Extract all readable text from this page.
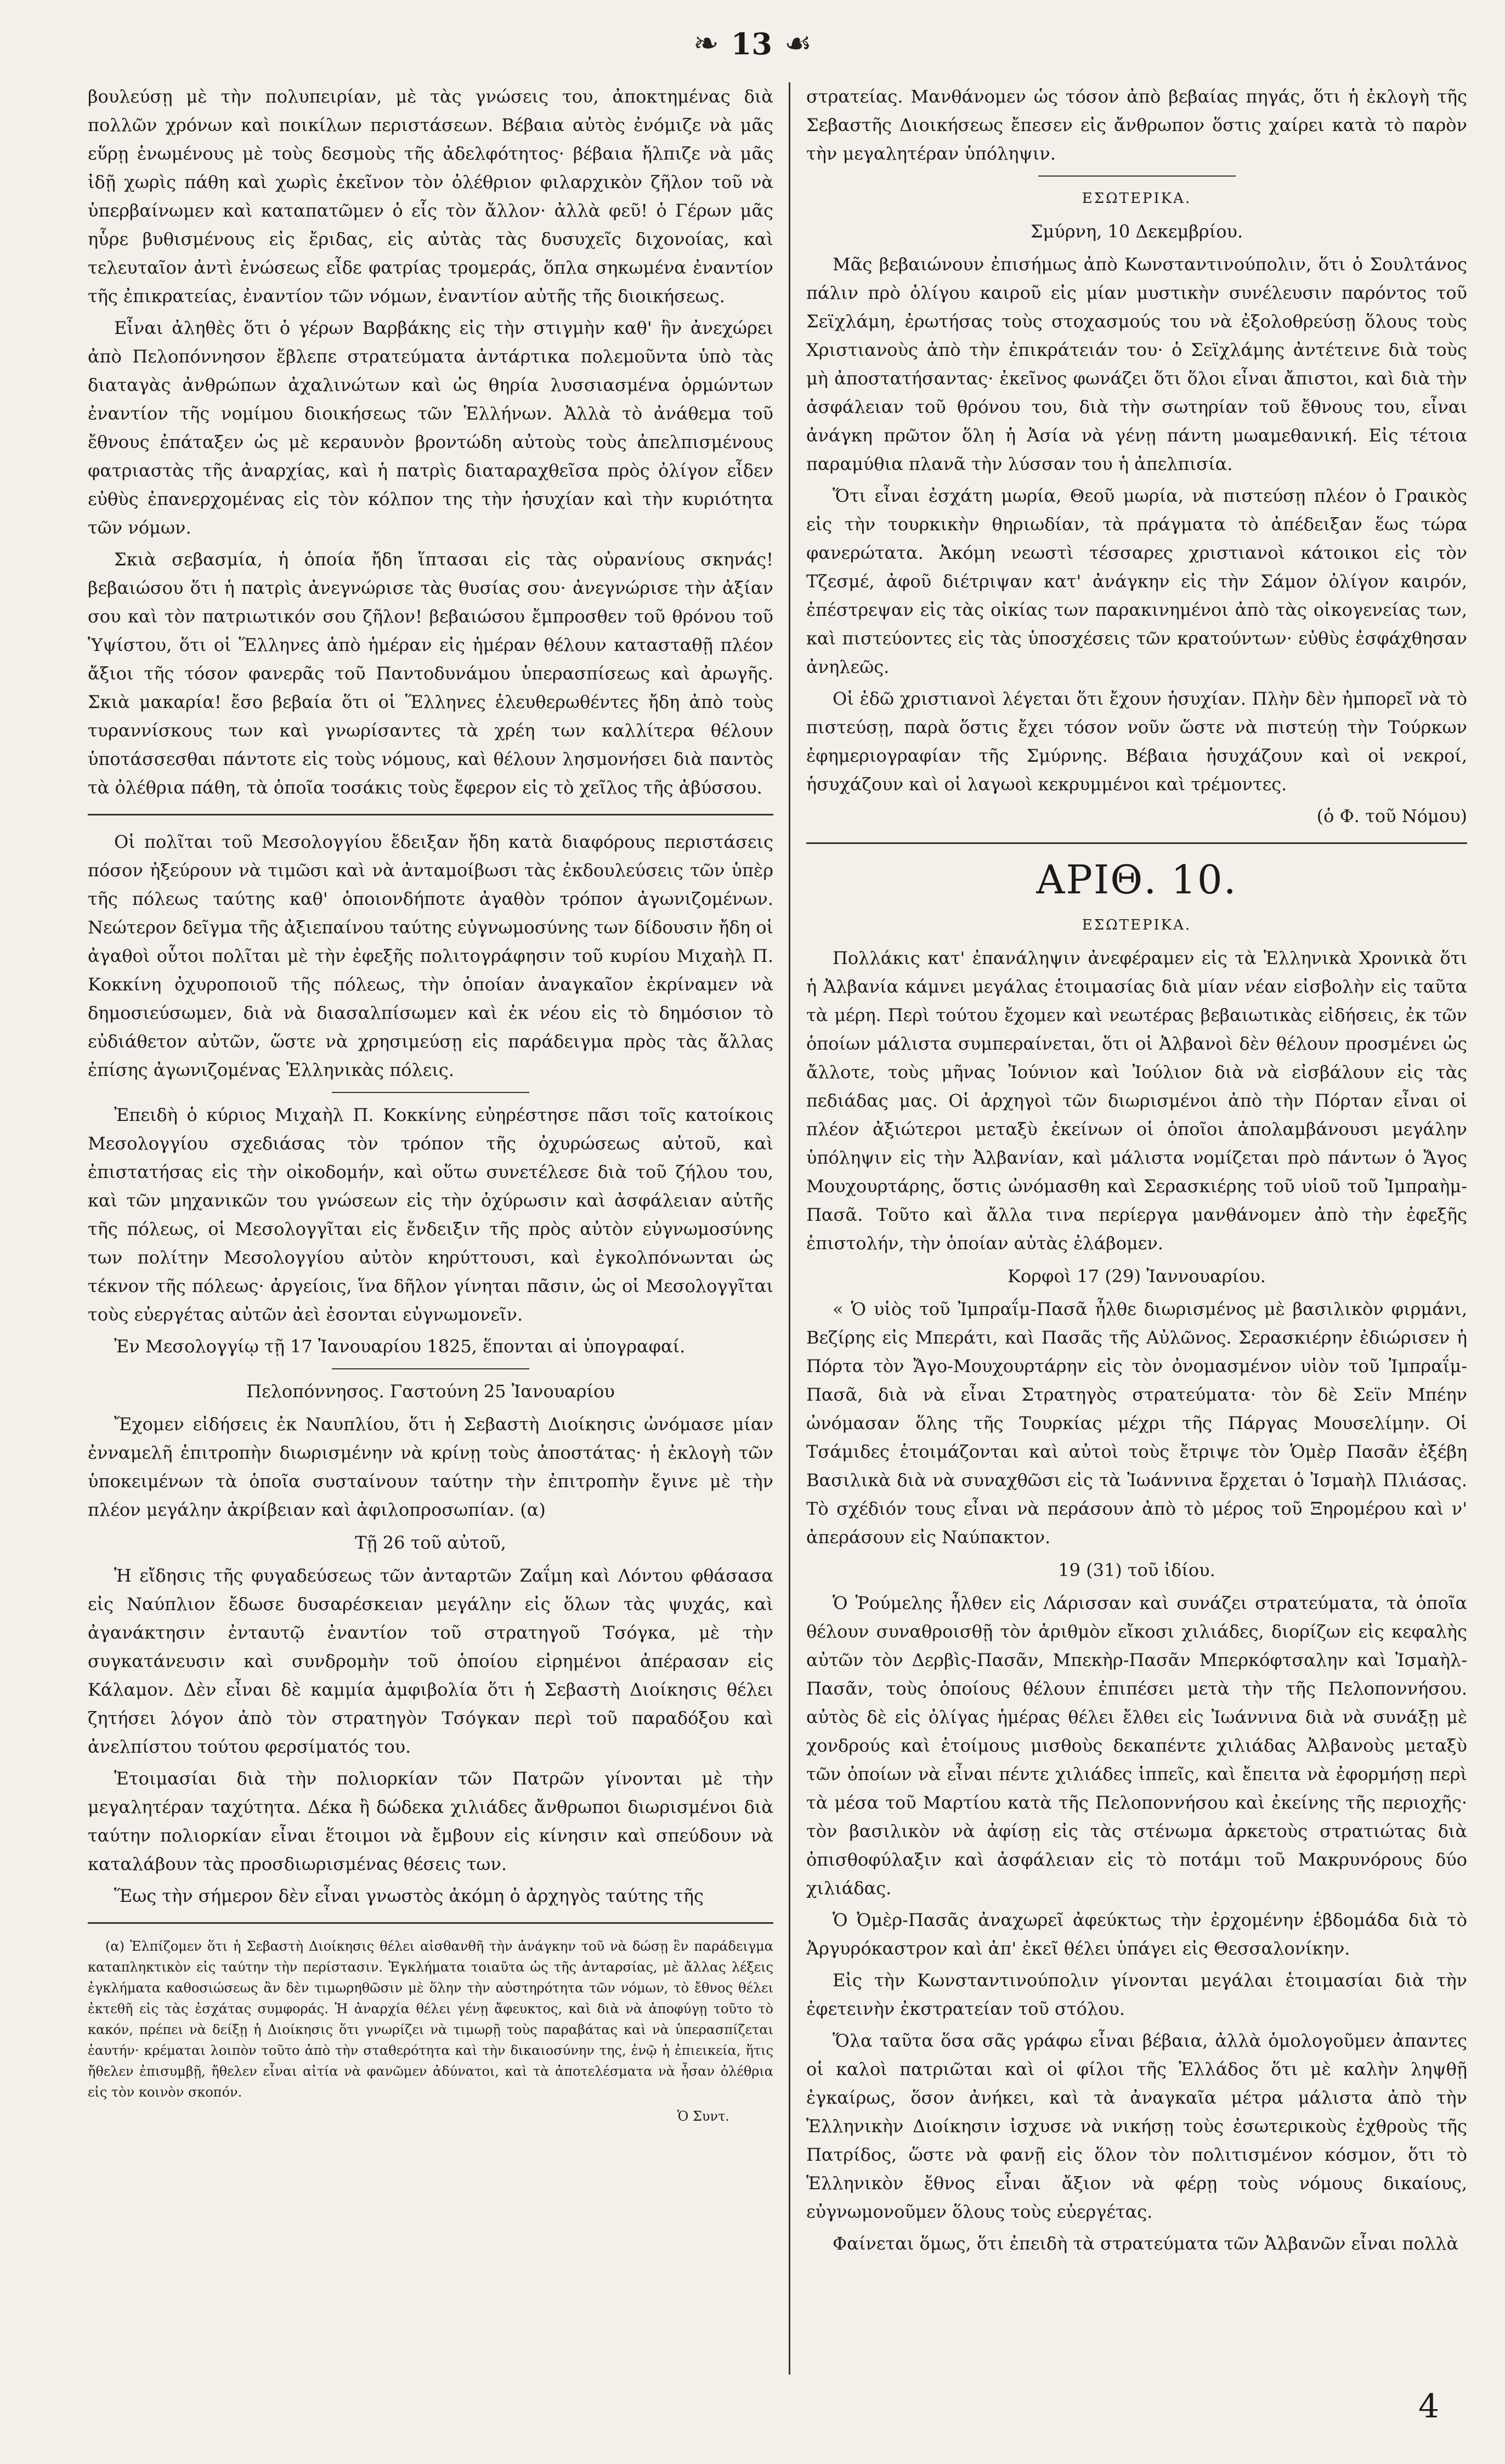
❧ 13 ☙

βουλεύσῃ μὲ τὴν πολυπειρίαν, μὲ τὰς γνώσεις του, ἀποκτημένας διὰ πολλῶν χρόνων καὶ ποικίλων περιστάσεων. Βέβαια αὐτὸς ἐνόμιζε νὰ μᾶς εὕρῃ ἑνωμένους μὲ τοὺς δεσμοὺς τῆς ἀδελφότητος· βέβαια ἤλπιζε νὰ μᾶς ἰδῇ χωρὶς πάθη καὶ χωρὶς ἐκεῖνον τὸν ὀλέθριον φιλαρχικὸν ζῆλον τοῦ νὰ ὑπερβαίνωμεν καὶ καταπατῶμεν ὁ εἷς τὸν ἄλλον· ἀλλὰ φεῦ! ὁ Γέρων μᾶς ηὗρε βυθισμένους εἰς ἔριδας, εἰς αὐτὰς τὰς δυσυχεῖς διχονοίας, καὶ τελευταῖον ἀντὶ ἑνώσεως εἶδε φατρίας τρομεράς, ὅπλα σηκωμένα ἐναντίον τῆς ἐπικρατείας, ἐναντίον τῶν νόμων, ἐναντίον αὐτῆς τῆς διοικήσεως.

Εἶναι ἀληθὲς ὅτι ὁ γέρων Βαρβάκης εἰς τὴν στιγμὴν καθ' ἣν ἀνεχώρει ἀπὸ Πελοπόννησον ἔβλεπε στρατεύματα ἀντάρτικα πολεμοῦντα ὑπὸ τὰς διαταγὰς ἀνθρώπων ἀχαλινώτων καὶ ὡς θηρία λυσσιασμένα ὁρμώντων ἐναντίον τῆς νομίμου διοικήσεως τῶν Ἑλλήνων. Ἀλλὰ τὸ ἀνάθεμα τοῦ ἔθνους ἐπάταξεν ὡς μὲ κεραυνὸν βροντώδη αὐτοὺς τοὺς ἀπελπισμένους φατριαστὰς τῆς ἀναρχίας, καὶ ἡ πατρὶς διαταραχθεῖσα πρὸς ὀλίγον εἶδεν εὐθὺς ἐπανερχομένας εἰς τὸν κόλπον της τὴν ἡσυχίαν καὶ τὴν κυριότητα τῶν νόμων.

Σκιὰ σεβασμία, ἡ ὁποία ἤδη ἵπτασαι εἰς τὰς οὐρανίους σκηνάς! βεβαιώσου ὅτι ἡ πατρὶς ἀνεγνώρισε τὰς θυσίας σου· ἀνεγνώρισε τὴν ἀξίαν σου καὶ τὸν πατριωτικόν σου ζῆλον! βεβαιώσου ἔμπροσθεν τοῦ θρόνου τοῦ Ὑψίστου, ὅτι οἱ Ἕλληνες ἀπὸ ἡμέραν εἰς ἡμέραν θέλουν κατασταθῇ πλέον ἄξιοι τῆς τόσον φανερᾶς τοῦ Παντοδυνάμου ὑπερασπίσεως καὶ ἀρωγῆς. Σκιὰ μακαρία! ἔσο βεβαία ὅτι οἱ Ἕλληνες ἐλευθερωθέντες ἤδη ἀπὸ τοὺς τυραννίσκους των καὶ γνωρίσαντες τὰ χρέη των καλλίτερα θέλουν ὑποτάσσεσθαι πάντοτε εἰς τοὺς νόμους, καὶ θέλουν λησμονήσει διὰ παντὸς τὰ ὀλέθρια πάθη, τὰ ὁποῖα τοσάκις τοὺς ἔφερον εἰς τὸ χεῖλος τῆς ἀβύσσου.

Οἱ πολῖται τοῦ Μεσολογγίου ἔδειξαν ἤδη κατὰ διαφόρους περιστάσεις πόσον ἠξεύρουν νὰ τιμῶσι καὶ νὰ ἀνταμοίβωσι τὰς ἐκδουλεύσεις τῶν ὑπὲρ τῆς πόλεως ταύτης καθ' ὁποιονδήποτε ἀγαθὸν τρόπον ἀγωνιζομένων. Νεώτερον δεῖγμα τῆς ἀξιεπαίνου ταύτης εὐγνωμοσύνης των δίδουσιν ἤδη οἱ ἀγαθοὶ οὗτοι πολῖται μὲ τὴν ἐφεξῆς πολιτογράφησιν τοῦ κυρίου Μιχαὴλ Π. Κοκκίνη ὀχυροποιοῦ τῆς πόλεως, τὴν ὁποίαν ἀναγκαῖον ἐκρίναμεν νὰ δημοσιεύσωμεν, διὰ νὰ διασαλπίσωμεν καὶ ἐκ νέου εἰς τὸ δημόσιον τὸ εὐδιάθετον αὐτῶν, ὥστε νὰ χρησιμεύσῃ εἰς παράδειγμα πρὸς τὰς ἄλλας ἐπίσης ἀγωνιζομένας Ἑλληνικὰς πόλεις.

Ἐπειδὴ ὁ κύριος Μιχαὴλ Π. Κοκκίνης εὐηρέστησε πᾶσι τοῖς κατοίκοις Μεσολογγίου σχεδιάσας τὸν τρόπον τῆς ὀχυρώσεως αὐτοῦ, καὶ ἐπιστατήσας εἰς τὴν οἰκοδομήν, καὶ οὕτω συνετέλεσε διὰ τοῦ ζήλου του, καὶ τῶν μηχανικῶν του γνώσεων εἰς τὴν ὀχύρωσιν καὶ ἀσφάλειαν αὐτῆς τῆς πόλεως, οἱ Μεσολογγῖται εἰς ἔνδειξιν τῆς πρὸς αὐτὸν εὐγνωμοσύνης των πολίτην Μεσολογγίου αὐτὸν κηρύττουσι, καὶ ἐγκολπόνωνται ὡς τέκνον τῆς πόλεως· ἀργείοις, ἵνα δῆλον γίνηται πᾶσιν, ὡς οἱ Μεσολογγῖται τοὺς εὐεργέτας αὐτῶν ἀεὶ ἐσονται εὐγνωμονεῖν.

Ἐν Μεσολογγίῳ τῇ 17 Ἰανουαρίου 1825, ἕπονται αἱ ὑπογραφαί.

Πελοπόννησος. Γαστούνη 25 Ἰανουαρίου

Ἔχομεν εἰδήσεις ἐκ Ναυπλίου, ὅτι ἡ Σεβαστὴ Διοίκησις ὠνόμασε μίαν ἐνναμελῆ ἐπιτροπὴν διωρισμένην νὰ κρίνῃ τοὺς ἀποστάτας· ἡ ἐκλογὴ τῶν ὑποκειμένων τὰ ὁποῖα συσταίνουν ταύτην τὴν ἐπιτροπὴν ἔγινε μὲ τὴν πλέον μεγάλην ἀκρίβειαν καὶ ἀφιλοπροσωπίαν. (α)

Τῇ 26 τοῦ αὐτοῦ,

Ἡ εἴδησις τῆς φυγαδεύσεως τῶν ἀνταρτῶν Ζαΐμη καὶ Λόντου φθάσασα εἰς Ναύπλιον ἔδωσε δυσαρέσκειαν μεγάλην εἰς ὅλων τὰς ψυχάς, καὶ ἀγανάκτησιν ἐνταυτῷ ἐναντίον τοῦ στρατηγοῦ Τσόγκα, μὲ τὴν συγκατάνευσιν καὶ συνδρομὴν τοῦ ὁποίου εἰρημένοι ἀπέρασαν εἰς Κάλαμον. Δὲν εἶναι δὲ καμμία ἀμφιβολία ὅτι ἡ Σεβαστὴ Διοίκησις θέλει ζητήσει λόγον ἀπὸ τὸν στρατηγὸν Τσόγκαν περὶ τοῦ παραδόξου καὶ ἀνελπίστου τούτου φερσίματός του.

Ἑτοιμασίαι διὰ τὴν πολιορκίαν τῶν Πατρῶν γίνονται μὲ τὴν μεγαλητέραν ταχύτητα. Δέκα ἢ δώδεκα χιλιάδες ἄνθρωποι διωρισμένοι διὰ ταύτην πολιορκίαν εἶναι ἕτοιμοι νὰ ἔμβουν εἰς κίνησιν καὶ σπεύδουν νὰ καταλάβουν τὰς προσδιωρισμένας θέσεις των.

Ἕως τὴν σήμερον δὲν εἶναι γνωστὸς ἀκόμη ὁ ἀρχηγὸς ταύτης τῆς

(α) Ἐλπίζομεν ὅτι ἡ Σεβαστὴ Διοίκησις θέλει αἰσθανθῆ τὴν ἀνάγκην τοῦ νὰ δώσῃ ἓν παράδειγμα καταπληκτικὸν εἰς ταύτην τὴν περίστασιν. Ἐγκλήματα τοιαῦτα ὡς τῆς ἀνταρσίας, μὲ ἄλλας λέξεις ἐγκλήματα καθοσιώσεως ἂν δὲν τιμωρηθῶσιν μὲ ὅλην τὴν αὐστηρότητα τῶν νόμων, τὸ ἔθνος θέλει ἐκτεθῆ εἰς τὰς ἐσχάτας συμφοράς. Ἡ ἀναρχία θέλει γένῃ ἄφευκτος, καὶ διὰ νὰ ἀποφύγῃ τοῦτο τὸ κακόν, πρέπει νὰ δείξῃ ἡ Διοίκησις ὅτι γνωρίζει νὰ τιμωρῇ τοὺς παραβάτας καὶ νὰ ὑπερασπίζεται ἑαυτήν· κρέμαται λοιπὸν τοῦτο ἀπὸ τὴν σταθερότητα καὶ τὴν δικαιοσύνην της, ἐνῷ ἡ ἐπιεικεία, ἥτις ἤθελεν ἐπισυμβῇ, ἤθελεν εἶναι αἰτία νὰ φανῶμεν ἀδύνατοι, καὶ τὰ ἀποτελέσματα νὰ ἦσαν ὀλέθρια εἰς τὸν κοινὸν σκοπόν.

Ὁ Συντ.

στρατείας. Μανθάνομεν ὡς τόσον ἀπὸ βεβαίας πηγάς, ὅτι ἡ ἐκλογὴ τῆς Σεβαστῆς Διοικήσεως ἔπεσεν εἰς ἄνθρωπον ὅστις χαίρει κατὰ τὸ παρὸν τὴν μεγαλητέραν ὑπόληψιν.

ΕΣΩΤΕΡΙΚΑ.

Σμύρνη, 10 Δεκεμβρίου.

Μᾶς βεβαιώνουν ἐπισήμως ἀπὸ Κωνσταντινούπολιν, ὅτι ὁ Σουλτάνος πάλιν πρὸ ὀλίγου καιροῦ εἰς μίαν μυστικὴν συνέλευσιν παρόντος τοῦ Σεϊχλάμη, ἐρωτήσας τοὺς στοχασμούς του νὰ ἐξολοθρεύσῃ ὅλους τοὺς Χριστιανοὺς ἀπὸ τὴν ἐπικράτειάν του· ὁ Σεϊχλάμης ἀντέτεινε διὰ τοὺς μὴ ἀποστατήσαντας· ἐκεῖνος φωνάζει ὅτι ὅλοι εἶναι ἄπιστοι, καὶ διὰ τὴν ἀσφάλειαν τοῦ θρόνου του, διὰ τὴν σωτηρίαν τοῦ ἔθνους του, εἶναι ἀνάγκη πρῶτον ὅλη ἡ Ἀσία νὰ γένῃ πάντη μωαμεθανική. Εἰς τέτοια παραμύθια πλανᾶ τὴν λύσσαν του ἡ ἀπελπισία.

Ὅτι εἶναι ἐσχάτη μωρία, Θεοῦ μωρία, νὰ πιστεύσῃ πλέον ὁ Γραικὸς εἰς τὴν τουρκικὴν θηριωδίαν, τὰ πράγματα τὸ ἀπέδειξαν ἕως τώρα φανερώτατα. Ἀκόμη νεωστὶ τέσσαρες χριστιανοὶ κάτοικοι εἰς τὸν Τζεσμέ, ἀφοῦ διέτριψαν κατ' ἀνάγκην εἰς τὴν Σάμον ὀλίγον καιρόν, ἐπέστρεψαν εἰς τὰς οἰκίας των παρακινημένοι ἀπὸ τὰς οἰκογενείας των, καὶ πιστεύοντες εἰς τὰς ὑποσχέσεις τῶν κρατούντων· εὐθὺς ἐσφάχθησαν ἀνηλεῶς.

Οἱ ἐδῶ χριστιανοὶ λέγεται ὅτι ἔχουν ἡσυχίαν. Πλὴν δὲν ἠμπορεῖ νὰ τὸ πιστεύσῃ, παρὰ ὅστις ἔχει τόσον νοῦν ὥστε νὰ πιστεύῃ τὴν Τούρκων ἐφημεριογραφίαν τῆς Σμύρνης. Βέβαια ἡσυχάζουν καὶ οἱ νεκροί, ἡσυχάζουν καὶ οἱ λαγωοὶ κεκρυμμένοι καὶ τρέμοντες.

(ὁ Φ. τοῦ Νόμου)

ΑΡΙΘ. 10.

ΕΣΩΤΕΡΙΚΑ.

Πολλάκις κατ' ἐπανάληψιν ἀνεφέραμεν εἰς τὰ Ἑλληνικὰ Χρονικὰ ὅτι ἡ Ἀλβανία κάμνει μεγάλας ἑτοιμασίας διὰ μίαν νέαν εἰσβολὴν εἰς ταῦτα τὰ μέρη. Περὶ τούτου ἔχομεν καὶ νεωτέρας βεβαιωτικὰς εἰδήσεις, ἐκ τῶν ὁποίων μάλιστα συμπεραίνεται, ὅτι οἱ Ἀλβανοὶ δὲν θέλουν προσμένει ὡς ἄλλοτε, τοὺς μῆνας Ἰούνιον καὶ Ἰούλιον διὰ νὰ εἰσβάλουν εἰς τὰς πεδιάδας μας. Οἱ ἀρχηγοὶ τῶν διωρισμένοι ἀπὸ τὴν Πόρταν εἶναι οἱ πλέον ἀξιώτεροι μεταξὺ ἐκείνων οἱ ὁποῖοι ἀπολαμβάνουσι μεγάλην ὑπόληψιν εἰς τὴν Ἀλβανίαν, καὶ μάλιστα νομίζεται πρὸ πάντων ὁ Ἄγος Μουχουρτάρης, ὅστις ὠνόμασθη καὶ Σερασκιέρης τοῦ υἱοῦ τοῦ Ἰμπραὴμ-Πασᾶ. Τοῦτο καὶ ἄλλα τινα περίεργα μανθάνομεν ἀπὸ τὴν ἐφεξῆς ἐπιστολήν, τὴν ὁποίαν αὐτὰς ἐλάβομεν.

Κορφοὶ 17 (29) Ἰαννουαρίου.

« Ὁ υἱὸς τοῦ Ἰμπραΐμ-Πασᾶ ἦλθε διωρισμένος μὲ βασιλικὸν φιρμάνι, Βεζίρης εἰς Μπεράτι, καὶ Πασᾶς τῆς Αὐλῶνος. Σερασκιέρην ἐδιώρισεν ἡ Πόρτα τὸν Ἄγο-Μουχουρτάρην εἰς τὸν ὀνομασμένον υἱὸν τοῦ Ἰμπραΐμ-Πασᾶ, διὰ νὰ εἶναι Στρατηγὸς στρατεύματα· τὸν δὲ Σεϊν Μπέην ὠνόμασαν ὅλης τῆς Τουρκίας μέχρι τῆς Πάργας Μουσελίμην. Οἱ Τσάμιδες ἑτοιμάζονται καὶ αὐτοὶ τοὺς ἔτριψε τὸν Ὁμὲρ Πασᾶν ἐξέβη Βασιλικὰ διὰ νὰ συναχθῶσι εἰς τὰ Ἰωάννινα ἔρχεται ὁ Ἰσμαὴλ Πλιάσας. Τὸ σχέδιόν τους εἶναι νὰ περάσουν ἀπὸ τὸ μέρος τοῦ Ξηρομέρου καὶ ν' ἀπεράσουν εἰς Ναύπακτον.

19 (31) τοῦ ἰδίου.

Ὁ Ῥούμελης ἦλθεν εἰς Λάρισσαν καὶ συνάζει στρατεύματα, τὰ ὁποῖα θέλουν συναθροισθῇ τὸν ἀριθμὸν εἴκοσι χιλιάδες, διορίζων εἰς κεφαλὴς αὐτῶν τὸν Δερβὶς-Πασᾶν, Μπεκὴρ-Πασᾶν Μπερκόφτσαλην καὶ Ἰσμαὴλ-Πασᾶν, τοὺς ὁποίους θέλουν ἐπιπέσει μετὰ τὴν τῆς Πελοποννήσου. αὐτὸς δὲ εἰς ὀλίγας ἡμέρας θέλει ἔλθει εἰς Ἰωάννινα διὰ νὰ συνάξῃ μὲ χονδρούς καὶ ἑτοίμους μισθοὺς δεκαπέντε χιλιάδας Ἀλβανοὺς μεταξὺ τῶν ὁποίων νὰ εἶναι πέντε χιλιάδες ἱππεῖς, καὶ ἔπειτα νὰ ἐφορμήσῃ περὶ τὰ μέσα τοῦ Μαρτίου κατὰ τῆς Πελοποννήσου καὶ ἐκείνης τῆς περιοχῆς· τὸν βασιλικὸν νὰ ἀφίσῃ εἰς τὰς στένωμα ἀρκετοὺς στρατιώτας διὰ ὀπισθοφύλαξιν καὶ ἀσφάλειαν εἰς τὸ ποτάμι τοῦ Μακρυνόρους δύο χιλιάδας.

Ὁ Ὀμὲρ-Πασᾶς ἀναχωρεῖ ἀφεύκτως τὴν ἐρχομένην ἑβδομάδα διὰ τὸ Ἀργυρόκαστρον καὶ ἀπ' ἐκεῖ θέλει ὑπάγει εἰς Θεσσαλονίκην.

Εἰς τὴν Κωνσταντινούπολιν γίνονται μεγάλαι ἑτοιμασίαι διὰ τὴν ἐφετεινὴν ἐκστρατείαν τοῦ στόλου.

Ὅλα ταῦτα ὅσα σᾶς γράφω εἶναι βέβαια, ἀλλὰ ὁμολογοῦμεν ἀπαντες οἱ καλοὶ πατριῶται καὶ οἱ φίλοι τῆς Ἑλλάδος ὅτι μὲ καλὴν ληψθῇ ἐγκαίρως, ὅσον ἀνήκει, καὶ τὰ ἀναγκαῖα μέτρα μάλιστα ἀπὸ τὴν Ἑλληνικὴν Διοίκησιν ἰσχυσε νὰ νικήσῃ τοὺς ἐσωτερικοὺς ἐχθροὺς τῆς Πατρίδος, ὥστε νὰ φανῇ εἰς ὅλον τὸν πολιτισμένον κόσμον, ὅτι τὸ Ἑλληνικὸν ἔθνος εἶναι ἄξιον νὰ φέρῃ τοὺς νόμους δικαίους, εὐγνωμονοῦμεν ὅλους τοὺς εὐεργέτας.

Φαίνεται ὅμως, ὅτι ἐπειδὴ τὰ στρατεύματα τῶν Ἀλβανῶν εἶναι πολλὰ

4
